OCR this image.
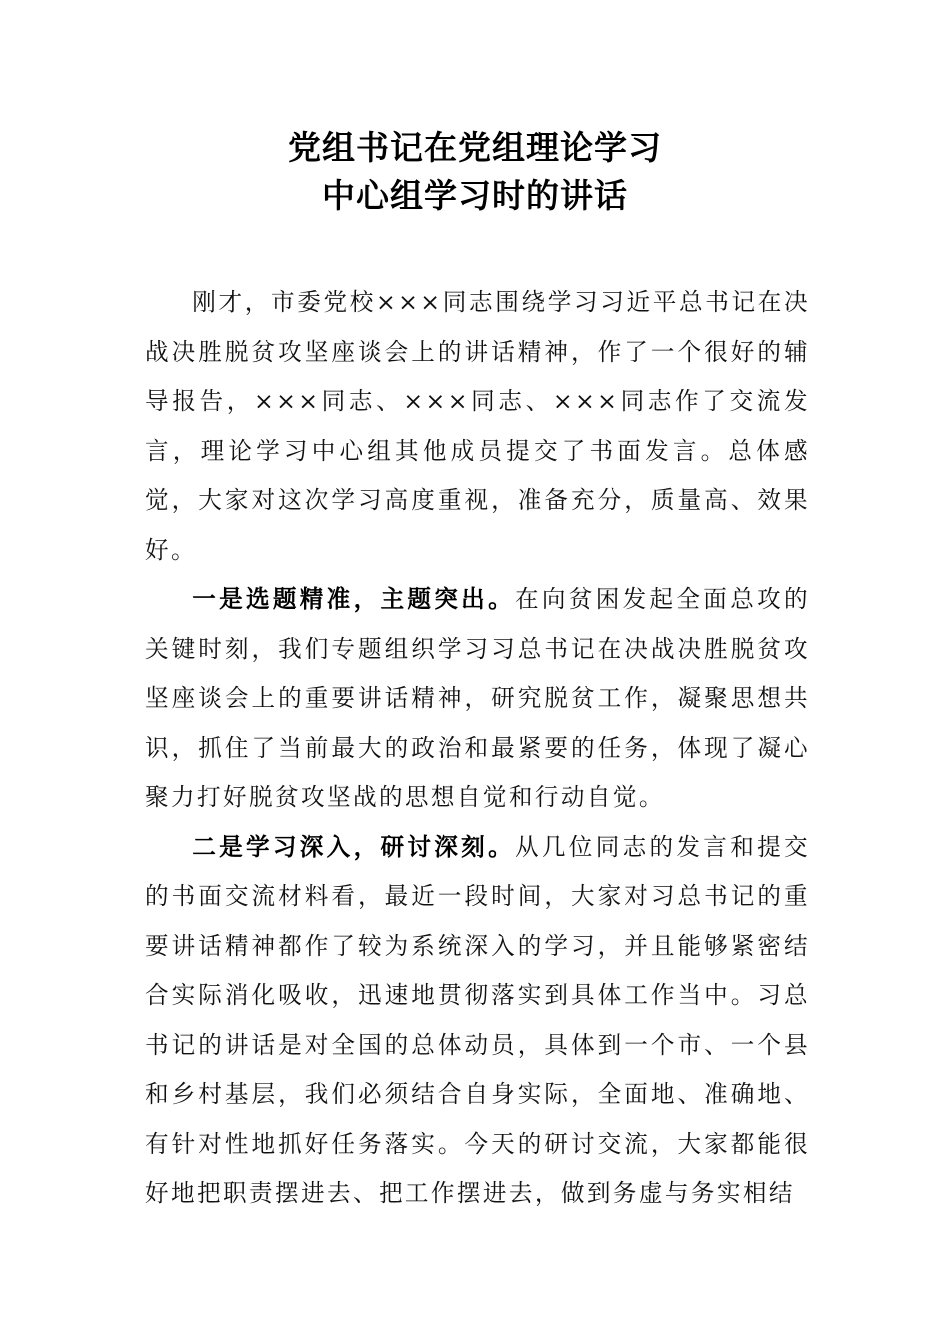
党组书记在党组理论学习
中心组学习时的讲话

刚才，市委党校×××同志围绕学习习近平总书记在决战决胜脱贫攻坚座谈会上的讲话精神，作了一个很好的辅导报告，×××同志、×××同志、×××同志作了交流发言，理论学习中心组其他成员提交了书面发言。总体感觉，大家对这次学习高度重视，准备充分，质量高、效果好。

一是选题精准，主题突出。在向贫困发起全面总攻的关键时刻，我们专题组织学习习总书记在决战决胜脱贫攻坚座谈会上的重要讲话精神，研究脱贫工作，凝聚思想共识，抓住了当前最大的政治和最紧要的任务，体现了凝心聚力打好脱贫攻坚战的思想自觉和行动自觉。

二是学习深入，研讨深刻。从几位同志的发言和提交的书面交流材料看，最近一段时间，大家对习总书记的重要讲话精神都作了较为系统深入的学习，并且能够紧密结合实际消化吸收，迅速地贯彻落实到具体工作当中。习总书记的讲话是对全国的总体动员，具体到一个市、一个县和乡村基层，我们必须结合自身实际，全面地、准确地、有针对性地抓好任务落实。今天的研讨交流，大家都能很好地把职责摆进去、把工作摆进去，做到务虚与务实相结
